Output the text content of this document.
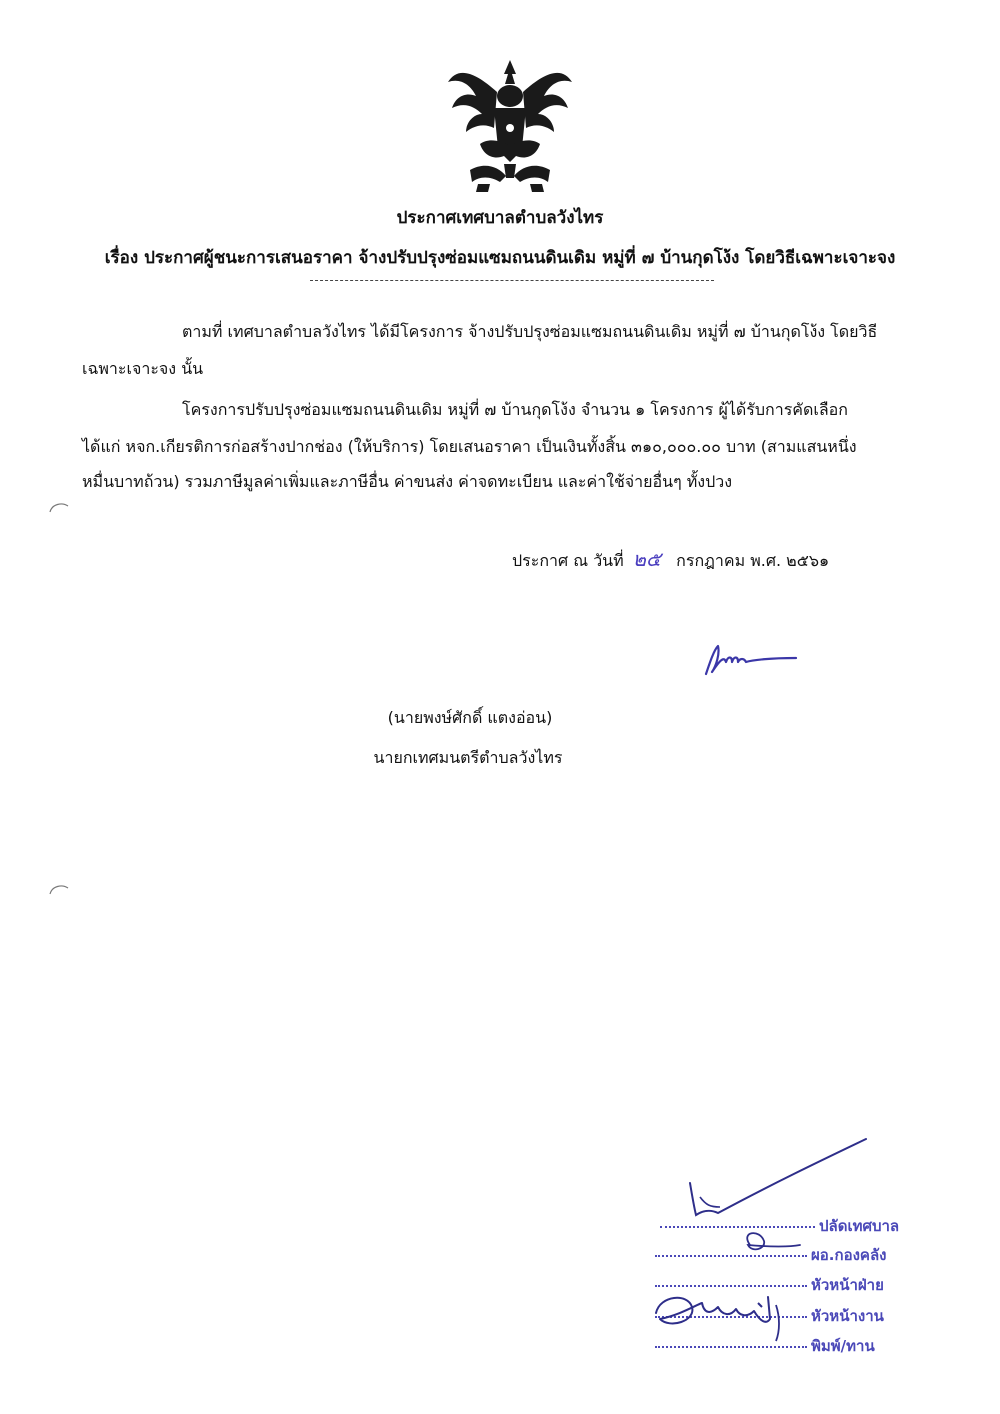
ประกาศเทศบาลตำบลวังไทร
เรื่อง ประกาศผู้ชนะการเสนอราคา จ้างปรับปรุงซ่อมแซมถนนดินเดิม หมู่ที่ ๗ บ้านกุดโง้ง โดยวิธีเฉพาะเจาะจง
ตามที่ เทศบาลตำบลวังไทร ได้มีโครงการ จ้างปรับปรุงซ่อมแซมถนนดินเดิม หมู่ที่ ๗ บ้านกุดโง้ง โดยวิธี
เฉพาะเจาะจง นั้น
โครงการปรับปรุงซ่อมแซมถนนดินเดิม หมู่ที่ ๗ บ้านกุดโง้ง จำนวน ๑ โครงการ ผู้ได้รับการคัดเลือก
ได้แก่ หจก.เกียรติการก่อสร้างปากช่อง (ให้บริการ) โดยเสนอราคา เป็นเงินทั้งสิ้น ๓๑๐,๐๐๐.๐๐ บาท (สามแสนหนึ่ง
หมื่นบาทถ้วน) รวมภาษีมูลค่าเพิ่มและภาษีอื่น ค่าขนส่ง ค่าจดทะเบียน และค่าใช้จ่ายอื่นๆ ทั้งปวง
ประกาศ ณ วันที่ ๒๕ กรกฎาคม พ.ศ. ๒๕๖๑
(นายพงษ์ศักดิ์ แตงอ่อน)
นายกเทศมนตรีตำบลวังไทร
ปลัดเทศบาล
ผอ.กองคลัง
หัวหน้าฝ่าย
หัวหน้างาน
พิมพ์/ทาน
